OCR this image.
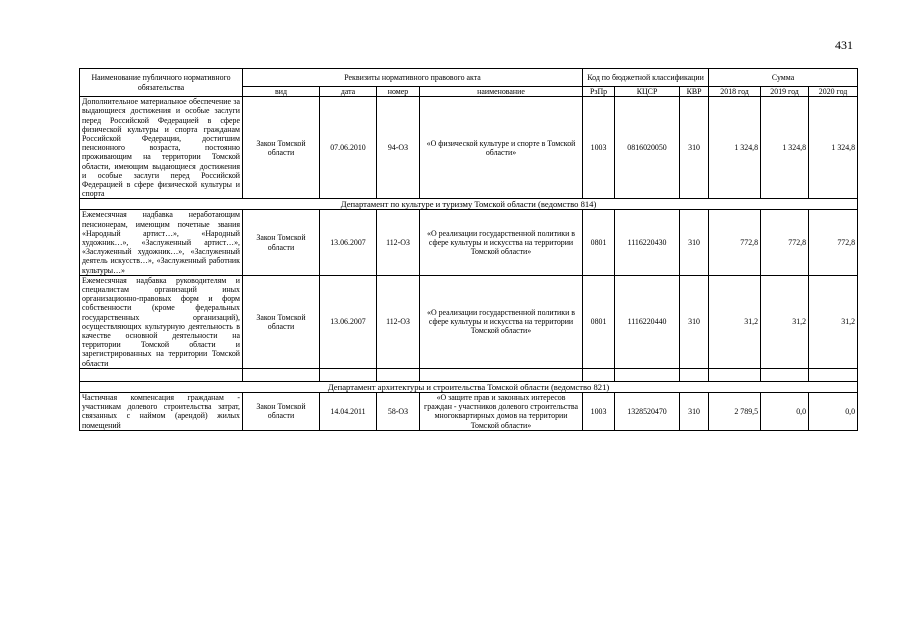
431
Наименование публичного нормативного обязательства	Реквизиты нормативного правового акта				Код по бюджетной классификации			Сумма		
	вид	дата	номер	наименование	РзПр	КЦСР	КВР	2018 год	2019 год	2020 год
Дополнительное материальное обеспечение за выдающиеся достижения и особые заслуги перед Российской Федерацией в сфере физической культуры и спорта гражданам Российской Федерации, достигшим пенсионного возраста, постоянно проживающим на территории Томской области, имеющим выдающиеся достижения и особые заслуги перед Российской Федерацией в сфере физической культуры и спорта	Закон Томской области	07.06.2010	94-ОЗ	«О физической культуре и спорте в Томской области»	1003	0816020050	310	1 324,8	1 324,8	1 324,8
Департамент по культуре и туризму Томской области (ведомство 814)										
Ежемесячная надбавка неработающим пенсионерам, имеющим почетные звания «Народный артист…», «Народный художник…», «Заслуженный артист…», «Заслуженный художник…», «Заслуженный деятель искусств…», «Заслуженный работник культуры…»	Закон Томской области	13.06.2007	112-ОЗ	«О реализации государственной политики в сфере культуры и искусства на территории Томской области»	0801	1116220430	310	772,8	772,8	772,8
Ежемесячная надбавка руководителям и специалистам организаций иных организационно-правовых форм и форм собственности (кроме федеральных государственных организаций), осуществляющих культурную деятельность в качестве основной деятельности на территории Томской области и зарегистрированных на территории Томской области	Закон Томской области	13.06.2007	112-ОЗ	«О реализации государственной политики в сфере культуры и искусства на территории Томской области»	0801	1116220440	310	31,2	31,2	31,2

Департамент архитектуры и строительства Томской области (ведомство 821)										
Частичная компенсация гражданам - участникам долевого строительства затрат, связанных с наймом (арендой) жилых помещений	Закон Томской области	14.04.2011	58-ОЗ	«О защите прав и законных интересов граждан - участников долевого строительства многоквартирных домов на территории Томской области»	1003	1328520470	310	2 789,5	0,0	0,0
